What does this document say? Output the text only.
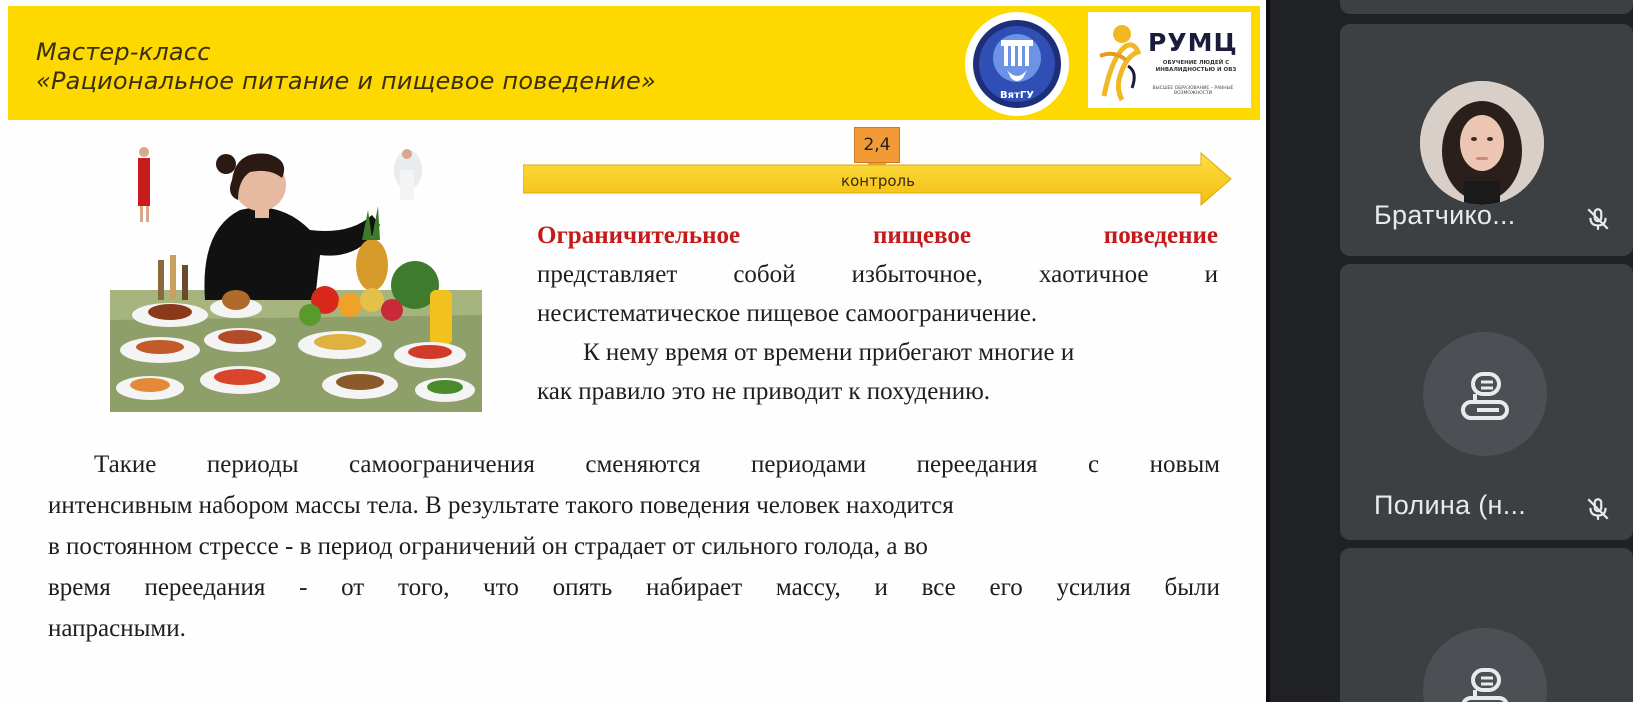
Мастер-класс
«Рациональное питание и пищевое поведение»
ВятГУ
РУМЦ
ОБУЧЕНИЕ ЛЮДЕЙ С ИНВАЛИДНОСТЬЮ И ОВЗ
ВЫСШЕЕ ОБРАЗОВАНИЕ – РАВНЫЕ ВОЗМОЖНОСТИ
2,4
контроль
Ограничительное	пищевое	поведение
представляет собой избыточное, хаотичное и
несистематическое пищевое самоограничение.
К нему время от времени прибегают многие и
как правило это не приводит к похудению.
Такие периоды самоограничения сменяются периодами переедания с новым
интенсивным набором массы тела. В результате такого поведения человек находится
в постоянном стрессе - в период ограничений он страдает от сильного голода, а во
время переедания - от того, что опять набирает массу, и все его усилия были
напрасными.
Братчико...
Полина (н...
